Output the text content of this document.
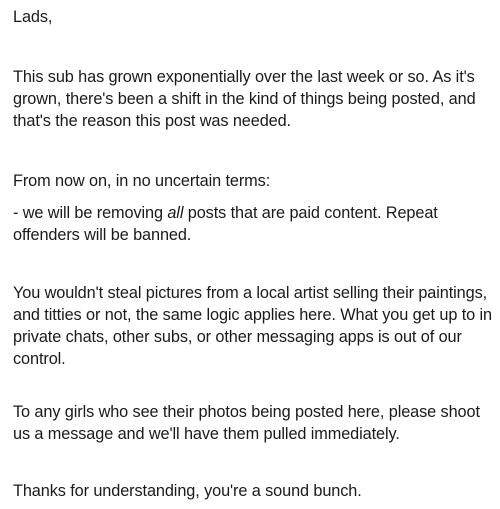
Lads,

This sub has grown exponentially over the last week or so. As it's grown, there's been a shift in the kind of things being posted, and that's the reason this post was needed.

From now on, in no uncertain terms:

- we will be removing all posts that are paid content. Repeat offenders will be banned.

You wouldn't steal pictures from a local artist selling their paintings, and titties or not, the same logic applies here. What you get up to in private chats, other subs, or other messaging apps is out of our control.

To any girls who see their photos being posted here, please shoot us a message and we'll have them pulled immediately.

Thanks for understanding, you're a sound bunch.
